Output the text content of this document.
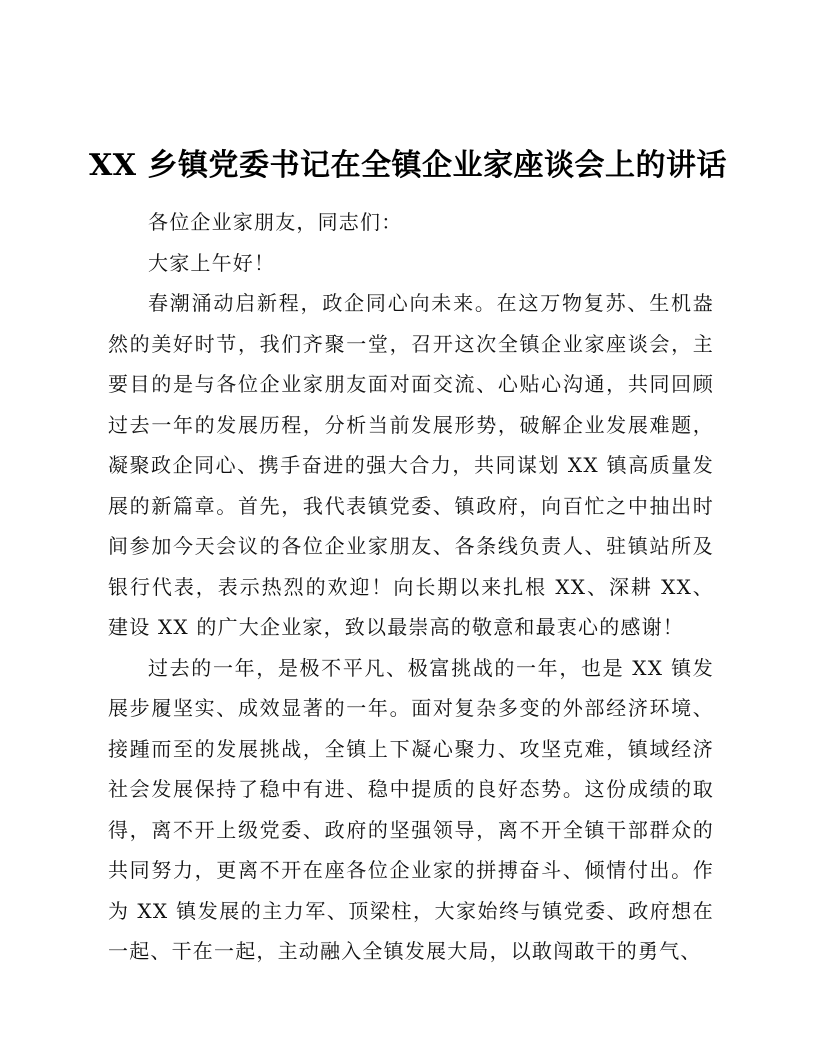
XX 乡镇党委书记在全镇企业家座谈会上的讲话

各位企业家朋友，同志们：

大家上午好！

春潮涌动启新程，政企同心向未来。在这万物复苏、生机盎然的美好时节，我们齐聚一堂，召开这次全镇企业家座谈会，主要目的是与各位企业家朋友面对面交流、心贴心沟通，共同回顾过去一年的发展历程，分析当前发展形势，破解企业发展难题，凝聚政企同心、携手奋进的强大合力，共同谋划 XX 镇高质量发展的新篇章。首先，我代表镇党委、镇政府，向百忙之中抽出时间参加今天会议的各位企业家朋友、各条线负责人、驻镇站所及银行代表，表示热烈的欢迎！向长期以来扎根 XX、深耕 XX、建设 XX 的广大企业家，致以最崇高的敬意和最衷心的感谢！

过去的一年，是极不平凡、极富挑战的一年，也是 XX 镇发展步履坚实、成效显著的一年。面对复杂多变的外部经济环境、接踵而至的发展挑战，全镇上下凝心聚力、攻坚克难，镇域经济社会发展保持了稳中有进、稳中提质的良好态势。这份成绩的取得，离不开上级党委、政府的坚强领导，离不开全镇干部群众的共同努力，更离不开在座各位企业家的拼搏奋斗、倾情付出。作为 XX 镇发展的主力军、顶梁柱，大家始终与镇党委、政府想在一起、干在一起，主动融入全镇发展大局，以敢闯敢干的勇气、
